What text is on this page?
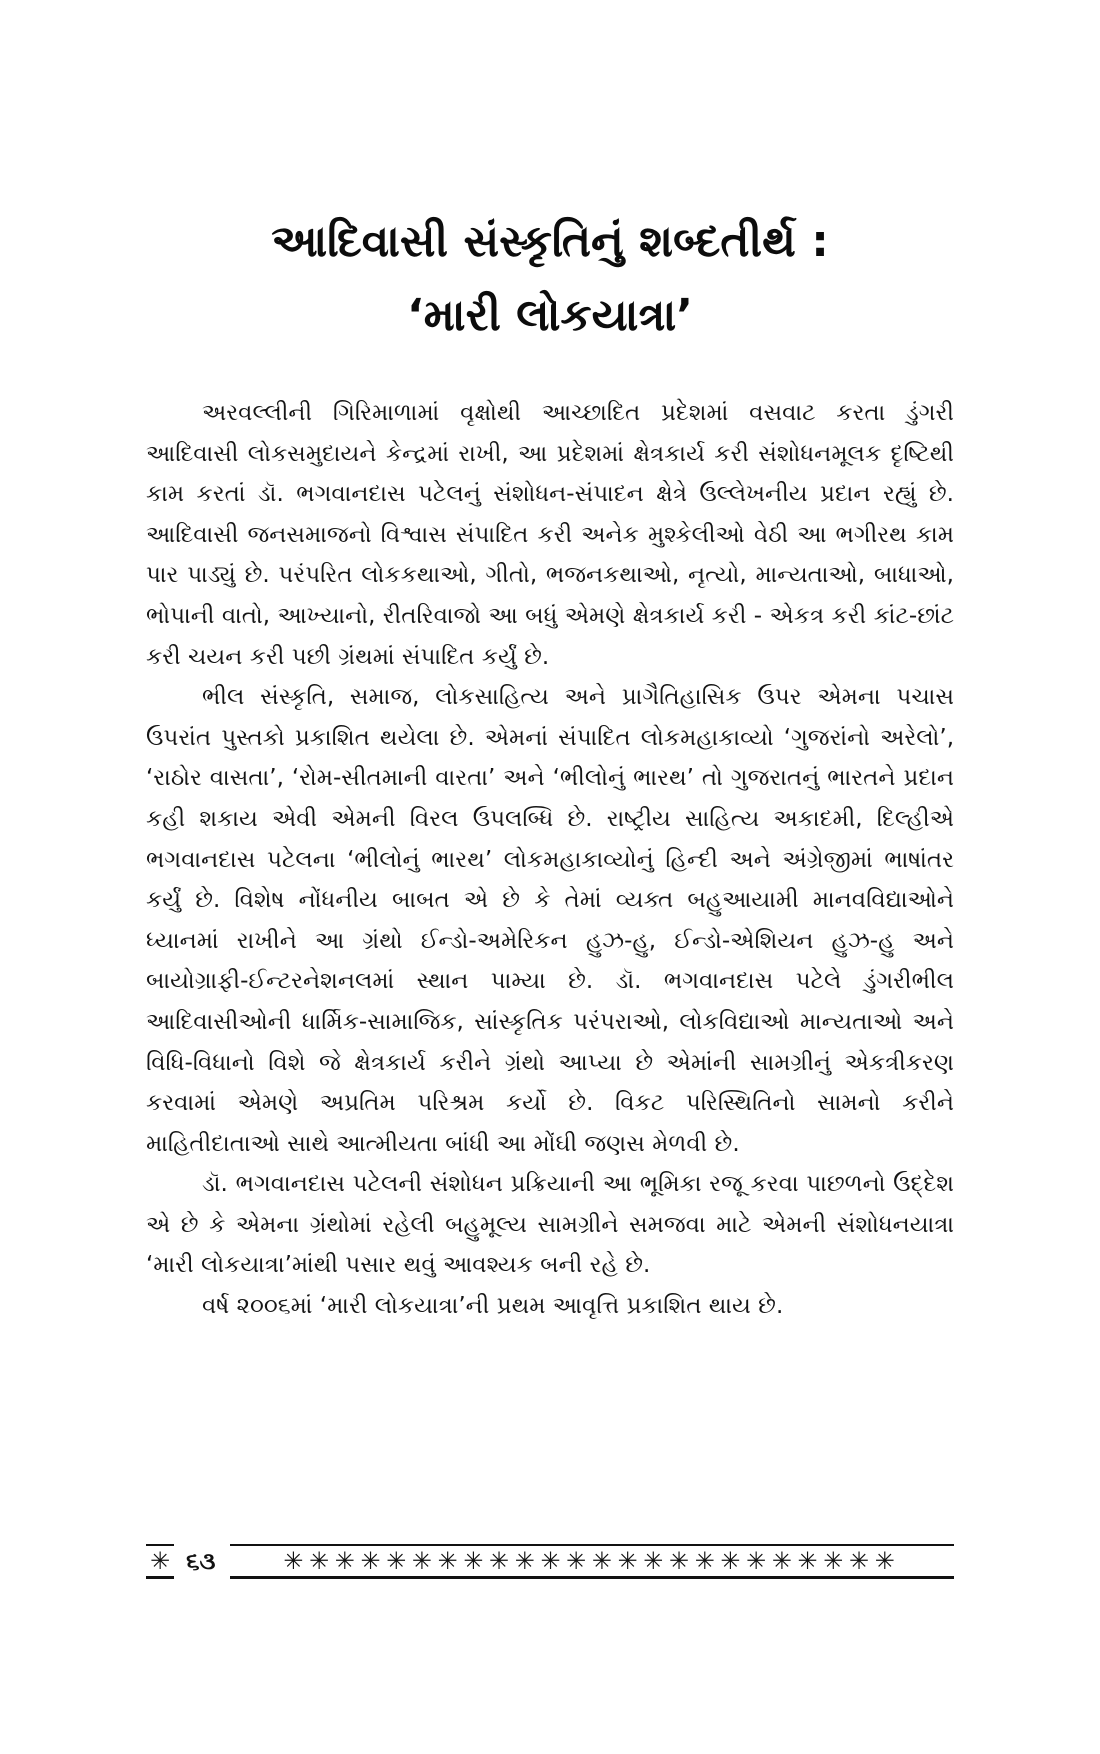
આદિવાસી સંસ્કૃતિનું શબ્દતીર્થ :
‘મારી લોકયાત્રા’

અરવલ્લીની ગિરિમાળામાં વૃક્ષોથી આચ્છાદિત પ્રદેશમાં વસવાટ કરતા ડુંગરી આદિવાસી લોકસમુદાયને કેન્દ્રમાં રાખી, આ પ્રદેશમાં ક્ષેત્રકાર્ય કરી સંશોધનમૂલક દૃષ્ટિથી કામ કરતાં ડૉ. ભગવાનદાસ પટેલનું સંશોધન-સંપાદન ક્ષેત્રે ઉલ્લેખનીય પ્રદાન રહ્યું છે. આદિવાસી જનસમાજનો વિશ્વાસ સંપાદિત કરી અનેક મુશ્કેલીઓ વેઠી આ ભગીરથ કામ પાર પાડ્યું છે. પરંપરિત લોકકથાઓ, ગીતો, ભજનકથાઓ, નૃત્યો, માન્યતાઓ, બાધાઓ, ભોપાની વાતો, આખ્યાનો, રીતરિવાજો આ બધું એમણે ક્ષેત્રકાર્ય કરી - એકત્ર કરી કાંટ-છાંટ કરી ચયન કરી પછી ગ્રંથમાં સંપાદિત કર્યું છે.

ભીલ સંસ્કૃતિ, સમાજ, લોકસાહિત્ય અને પ્રાગૈતિહાસિક ઉપર એમના પચાસ ઉપરાંત પુસ્તકો પ્રકાશિત થયેલા છે. એમનાં સંપાદિત લોકમહાકાવ્યો ‘ગુજરાંનો અરેલો’, ‘રાઠોર વાસતા’, ‘રોમ-સીતમાની વારતા’ અને ‘ભીલોનું ભારથ’ તો ગુજરાતનું ભારતને પ્રદાન કહી શકાય એવી એમની વિરલ ઉપલબ્ધિ છે. રાષ્ટ્રીય સાહિત્ય અકાદમી, દિલ્હીએ ભગવાનદાસ પટેલના ‘ભીલોનું ભારથ’ લોકમહાકાવ્યોનું હિન્દી અને અંગ્રેજીમાં ભાષાંતર કર્યું છે. વિશેષ નોંધનીય બાબત એ છે કે તેમાં વ્યક્ત બહુઆયામી માનવવિદ્યાઓને ધ્યાનમાં રાખીને આ ગ્રંથો ઈન્ડો-અમેરિકન હુઝ-હુ, ઈન્ડો-એશિયન હુઝ-હુ અને બાયોગ્રાફી-ઈન્ટરનેશનલમાં સ્થાન પામ્યા છે. ડૉ. ભગવાનદાસ પટેલે ડુંગરીભીલ આદિવાસીઓની ધાર્મિક-સામાજિક, સાંસ્કૃતિક પરંપરાઓ, લોકવિદ્યાઓ માન્યતાઓ અને વિધિ-વિધાનો વિશે જે ક્ષેત્રકાર્ય કરીને ગ્રંથો આપ્યા છે એમાંની સામગ્રીનું એકત્રીકરણ કરવામાં એમણે અપ્રતિમ પરિશ્રમ કર્યો છે. વિકટ પરિસ્થિતિનો સામનો કરીને માહિતીદાતાઓ સાથે આત્મીયતા બાંધી આ મોંઘી જણસ મેળવી છે.

ડૉ. ભગવાનદાસ પટેલની સંશોધન પ્રક્રિયાની આ ભૂમિકા રજૂ કરવા પાછળનો ઉદ્દેશ એ છે કે એમના ગ્રંથોમાં રહેલી બહુમૂલ્ય સામગ્રીને સમજવા માટે એમની સંશોધનયાત્રા ‘મારી લોકયાત્રા’માંથી પસાર થવું આવશ્યક બની રહે છે.

વર્ષ ૨૦૦૬માં ‘મારી લોકયાત્રા’ની પ્રથમ આવૃત્તિ પ્રકાશિત થાય છે.

✳ ૬૩	✳✳✳✳✳✳✳✳✳✳✳✳✳✳✳✳✳✳✳✳✳✳✳✳
